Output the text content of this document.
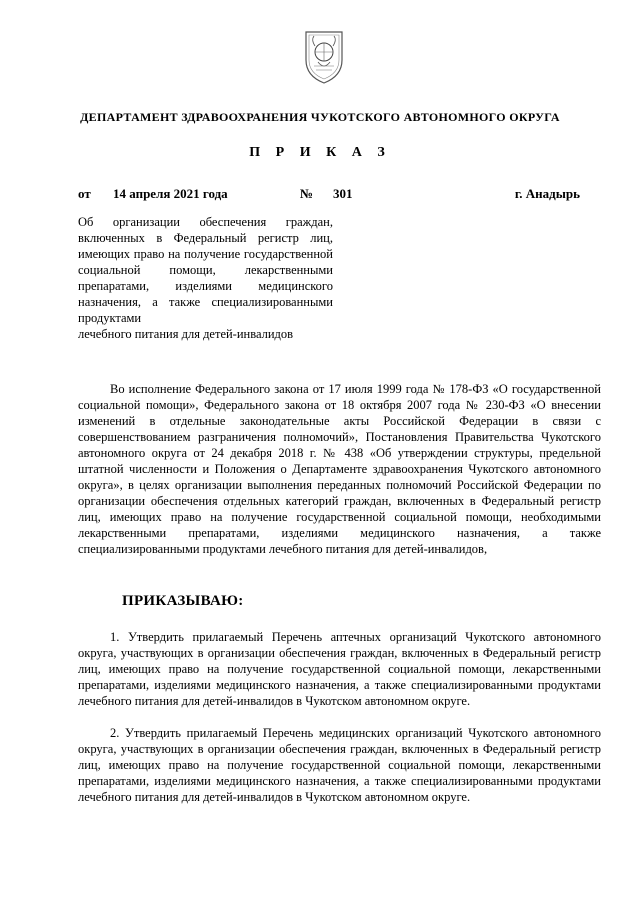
ДЕПАРТАМЕНТ ЗДРАВООХРАНЕНИЯ ЧУКОТСКОГО АВТОНОМНОГО ОКРУГА
П Р И К А З
от 14 апреля 2021 года	№ 301	г. Анадырь
Об организации обеспечения граждан, включенных в Федеральный регистр лиц, имеющих право на получение государственной социальной помощи, лекарственными препаратами, изделиями медицинского назначения, а также специализированными продуктами
лечебного питания для детей-инвалидов
Во исполнение Федерального закона от 17 июля 1999 года № 178-ФЗ «О государственной социальной помощи», Федерального закона от 18 октября 2007 года № 230-ФЗ «О внесении изменений в отдельные законодательные акты Российской Федерации в связи с совершенствованием разграничения полномочий», Постановления Правительства Чукотского автономного округа от 24 декабря 2018 г. № 438 «Об утверждении структуры, предельной штатной численности и Положения о Департаменте здравоохранения Чукотского автономного округа», в целях организации выполнения переданных полномочий Российской Федерации по организации обеспечения отдельных категорий граждан, включенных в Федеральный регистр лиц, имеющих право на получение государственной социальной помощи, необходимыми лекарственными препаратами, изделиями медицинского назначения, а также специализированными продуктами лечебного питания для детей-инвалидов,
ПРИКАЗЫВАЮ:
1. Утвердить прилагаемый Перечень аптечных организаций Чукотского автономного округа, участвующих в организации обеспечения граждан, включенных в Федеральный регистр лиц, имеющих право на получение государственной социальной помощи, лекарственными препаратами, изделиями медицинского назначения, а также специализированными продуктами лечебного питания для детей-инвалидов в Чукотском автономном округе.
2. Утвердить прилагаемый Перечень медицинских организаций Чукотского автономного округа, участвующих в организации обеспечения граждан, включенных в Федеральный регистр лиц, имеющих право на получение государственной социальной помощи, лекарственными препаратами, изделиями медицинского назначения, а также специализированными продуктами лечебного питания для детей-инвалидов в Чукотском автономном округе.
